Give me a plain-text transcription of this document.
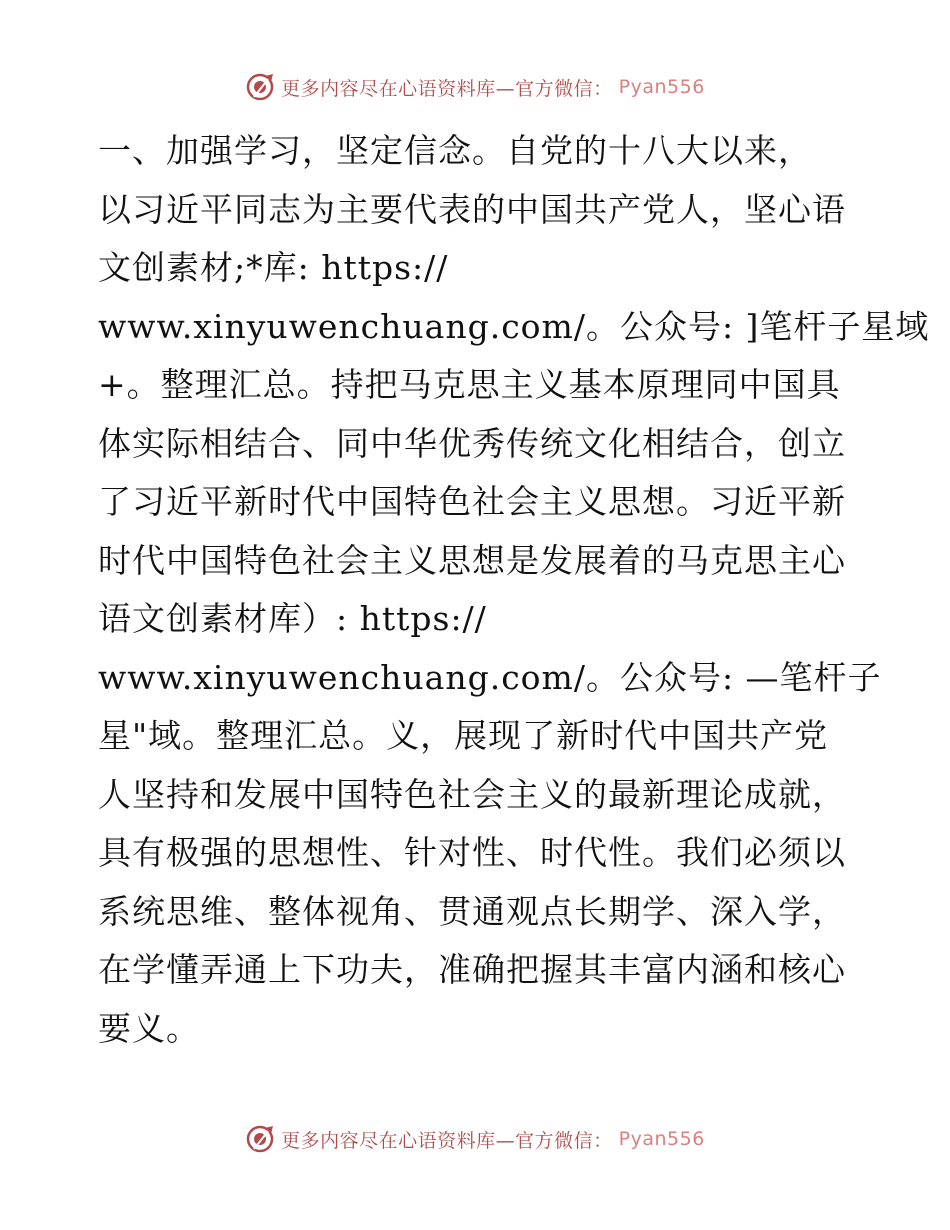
更多内容尽在心语资料库—官方微信： Pyan556
一、加强学习，坚定信念。自党的十八大以来，
以习近平同志为主要代表的中国共产党人，坚心语
文创素材;*库: https://
www.xinyuwenchuang.com/。公众号: ]笔杆子星域
+。整理汇总。持把马克思主义基本原理同中国具
体实际相结合、同中华优秀传统文化相结合，创立
了习近平新时代中国特色社会主义思想。习近平新
时代中国特色社会主义思想是发展着的马克思主心
语文创素材库）: https://
www.xinyuwenchuang.com/。公众号: —笔杆子
星"域。整理汇总。义，展现了新时代中国共产党
人坚持和发展中国特色社会主义的最新理论成就，
具有极强的思想性、针对性、时代性。我们必须以
系统思维、整体视角、贯通观点长期学、深入学，
在学懂弄通上下功夫，准确把握其丰富内涵和核心
要义。
更多内容尽在心语资料库—官方微信： Pyan556
